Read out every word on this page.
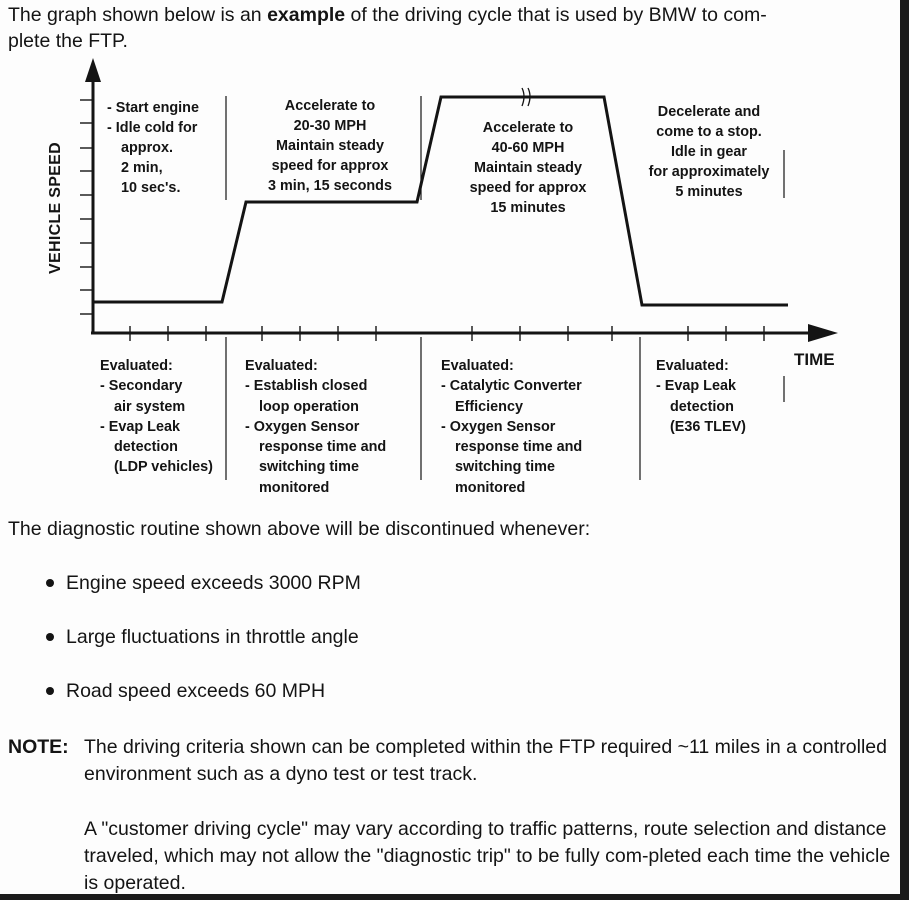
The graph shown below is an example of the driving cycle that is used by BMW to com-
plete the FTP.

VEHICLE SPEED

TIME

- Start engine
- Idle cold for
approx.
2 min,
10 sec's.
Accelerate to
20-30 MPH
Maintain steady
speed for approx
3 min, 15 seconds
Accelerate to
40-60 MPH
Maintain steady
speed for approx
15 minutes
Decelerate and
come to a stop.
Idle in gear
for approximately
5 minutes
Evaluated:
- Secondary
air system
- Evap Leak
detection
(LDP vehicles)
Evaluated:
- Establish closed
loop operation
- Oxygen Sensor
response time and
switching time
monitored
Evaluated:
- Catalytic Converter
Efficiency
- Oxygen Sensor
response time and
switching time
monitored
Evaluated:
- Evap Leak
detection
(E36 TLEV)

The diagnostic routine shown above will be discontinued whenever:

Engine speed exceeds 3000 RPM
Large fluctuations in throttle angle
Road speed exceeds 60 MPH
NOTE: The driving criteria shown can be completed within the FTP required ~11 miles in a controlled environment such as a dyno test or test track.

A "customer driving cycle" may vary according to traffic patterns, route selection and distance traveled, which may not allow the "diagnostic trip" to be fully com-pleted each time the vehicle is operated.
